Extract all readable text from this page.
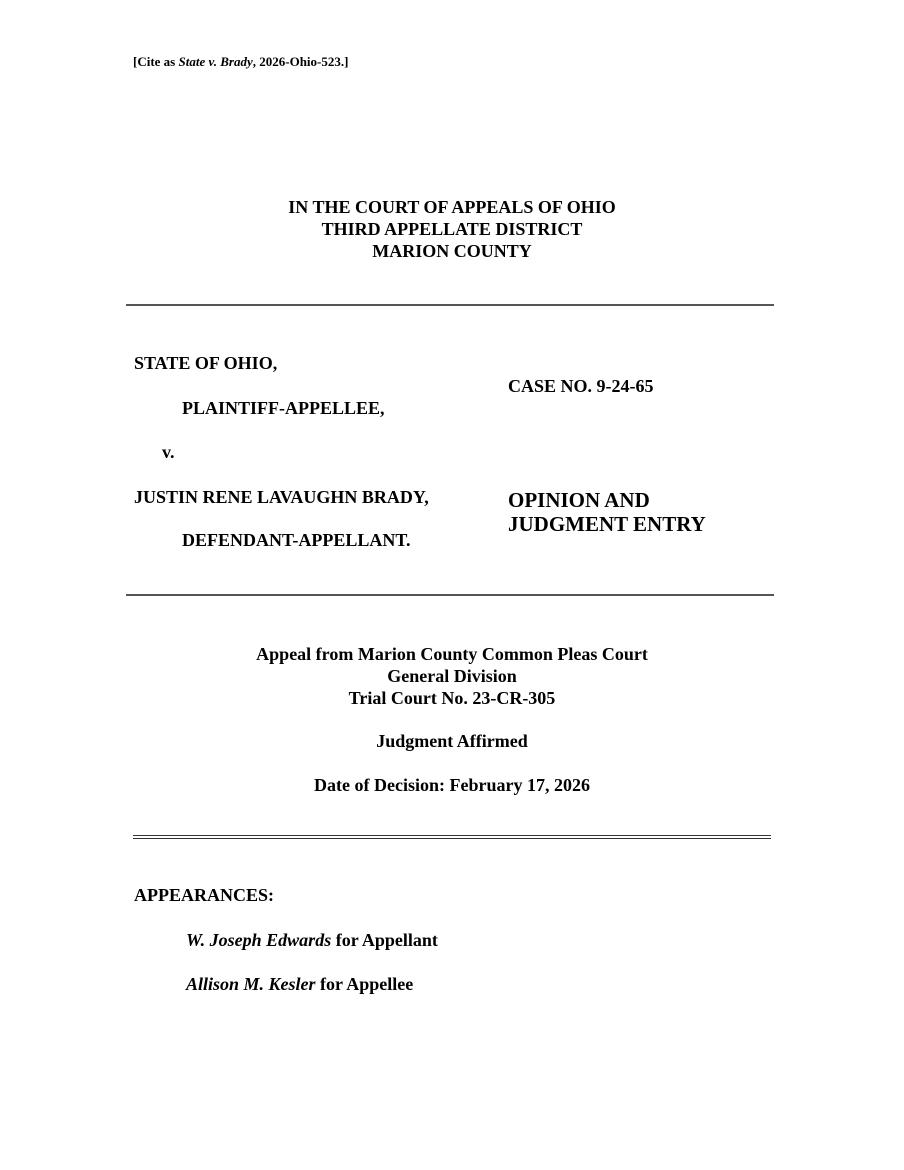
[Cite as State v. Brady, 2026-Ohio-523.]
IN THE COURT OF APPEALS OF OHIO
THIRD APPELLATE DISTRICT
MARION COUNTY
STATE OF OHIO,
PLAINTIFF-APPELLEE,
v.
JUSTIN RENE LAVAUGHN BRADY,
DEFENDANT-APPELLANT.
CASE NO. 9-24-65
OPINION AND
JUDGMENT ENTRY
Appeal from Marion County Common Pleas Court
General Division
Trial Court No. 23-CR-305
Judgment Affirmed
Date of Decision: February 17, 2026
APPEARANCES:
W. Joseph Edwards for Appellant
Allison M. Kesler for Appellee
